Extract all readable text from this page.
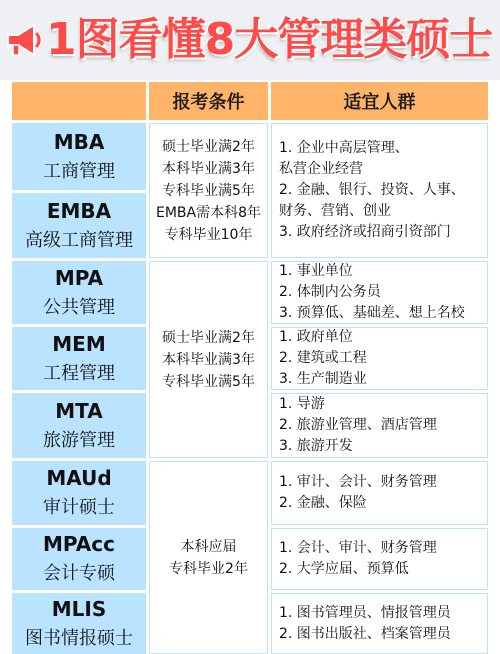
1图看懂8大管理类硕士
报考条件	适宜人群
MBA
工商管理
EMBA
高级工商管理
MPA
公共管理
MEM
工程管理
MTA
旅游管理
MAUd
审计硕士
MPAcc
会计专硕
MLIS
图书情报硕士
硕士毕业满2年
本科毕业满3年
专科毕业满5年
EMBA需本科8年
专科毕业10年
硕士毕业满2年
本科毕业满3年
专科毕业满5年
本科应届
专科毕业2年
1. 企业中高层管理、
私营企业经营
2. 金融、银行、投资、人事、
财务、营销、创业
3. 政府经济或招商引资部门
1. 事业单位
2. 体制内公务员
3. 预算低、基础差、想上名校
1. 政府单位
2. 建筑或工程
3. 生产制造业
1. 导游
2. 旅游业管理、酒店管理
3. 旅游开发
1. 审计、会计、财务管理
2. 金融、保险
1. 会计、审计、财务管理
2. 大学应届、预算低
1. 图书管理员、情报管理员
2. 图书出版社、档案管理员
